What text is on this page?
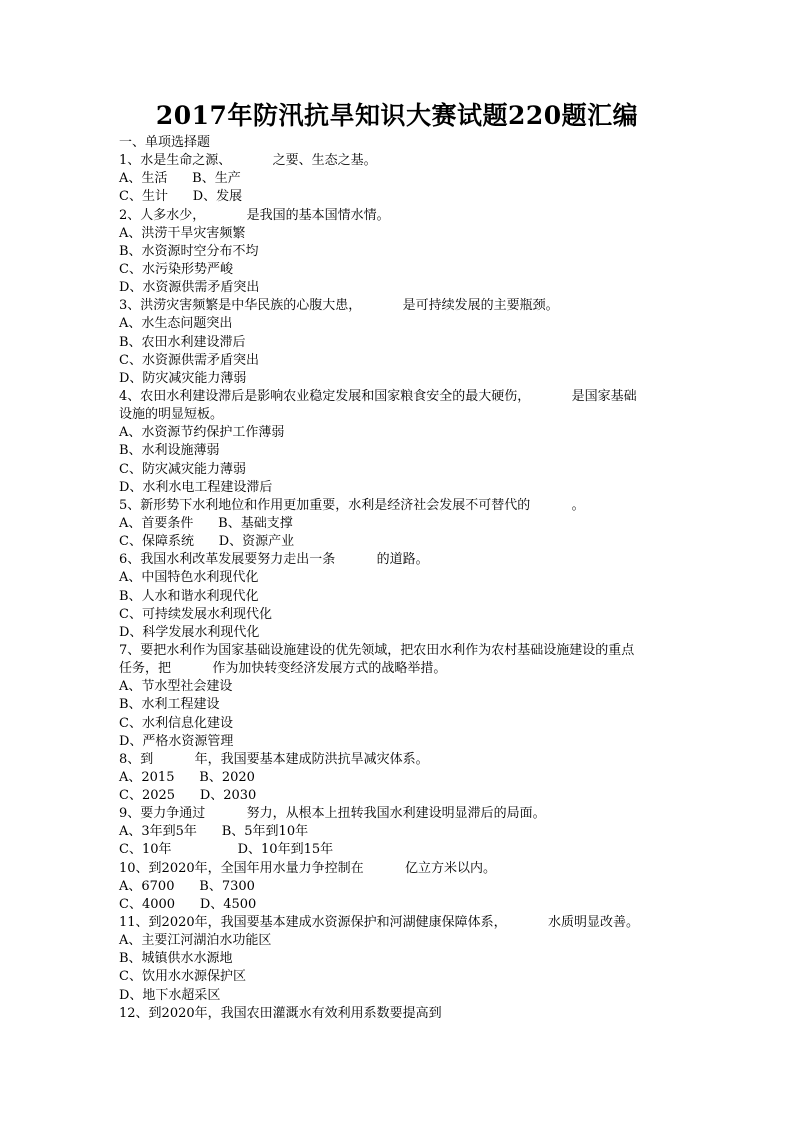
2017年防汛抗旱知识大赛试题220题汇编
一、单项选择题
1、水是生命之源、          之要、生态之基。
A、生活      B、生产
C、生计      D、发展
2、人多水少，          是我国的基本国情水情。
A、洪涝干旱灾害频繁
B、水资源时空分布不均
C、水污染形势严峻
D、水资源供需矛盾突出
3、洪涝灾害频繁是中华民族的心腹大患，          是可持续发展的主要瓶颈。
A、水生态问题突出
B、农田水利建设滞后
C、水资源供需矛盾突出
D、防灾减灾能力薄弱
4、农田水利建设滞后是影响农业稳定发展和国家粮食安全的最大硬伤，          是国家基础
设施的明显短板。
A、水资源节约保护工作薄弱
B、水利设施薄弱
C、防灾减灾能力薄弱
D、水利水电工程建设滞后
5、新形势下水利地位和作用更加重要，水利是经济社会发展不可替代的          。
A、首要条件      B、基础支撑
C、保障系统      D、资源产业
6、我国水利改革发展要努力走出一条          的道路。
A、中国特色水利现代化
B、人水和谐水利现代化
C、可持续发展水利现代化
D、科学发展水利现代化
7、要把水利作为国家基础设施建设的优先领域，把农田水利作为农村基础设施建设的重点
任务，把          作为加快转变经济发展方式的战略举措。
A、节水型社会建设
B、水利工程建设
C、水利信息化建设
D、严格水资源管理
8、到          年，我国要基本建成防洪抗旱减灾体系。
A、2015      B、2020
C、2025      D、2030
9、要力争通过          努力，从根本上扭转我国水利建设明显滞后的局面。
A、3年到5年      B、5年到10年
C、10年                D、10年到15年
10、到2020年，全国年用水量力争控制在          亿立方米以内。
A、6700      B、7300
C、4000      D、4500
11、到2020年，我国要基本建成水资源保护和河湖健康保障体系，          水质明显改善。
A、主要江河湖泊水功能区
B、城镇供水水源地
C、饮用水水源保护区
D、地下水超采区
12、到2020年，我国农田灌溉水有效利用系数要提高到
